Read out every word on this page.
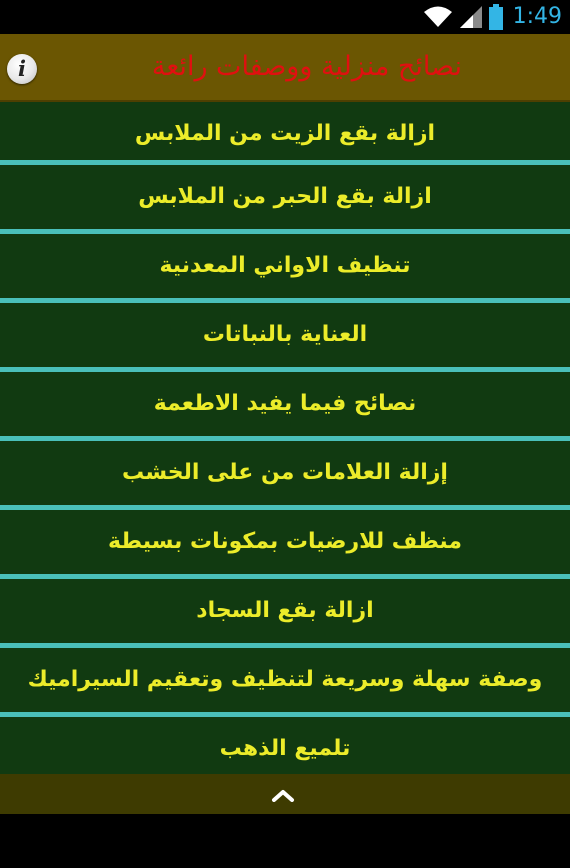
1:49
i	نصائح منزلية ووصفات رائعة
ازالة بقع الزيت من الملابس
ازالة بقع الحبر من الملابس
تنظيف الاواني المعدنية
العناية بالنباتات
نصائح فيما يفيد الاطعمة
إزالة العلامات من على الخشب
منظف للارضيات بمكونات بسيطة
ازالة بقع السجاد
وصفة سهلة وسريعة لتنظيف وتعقيم السيراميك
تلميع الذهب
